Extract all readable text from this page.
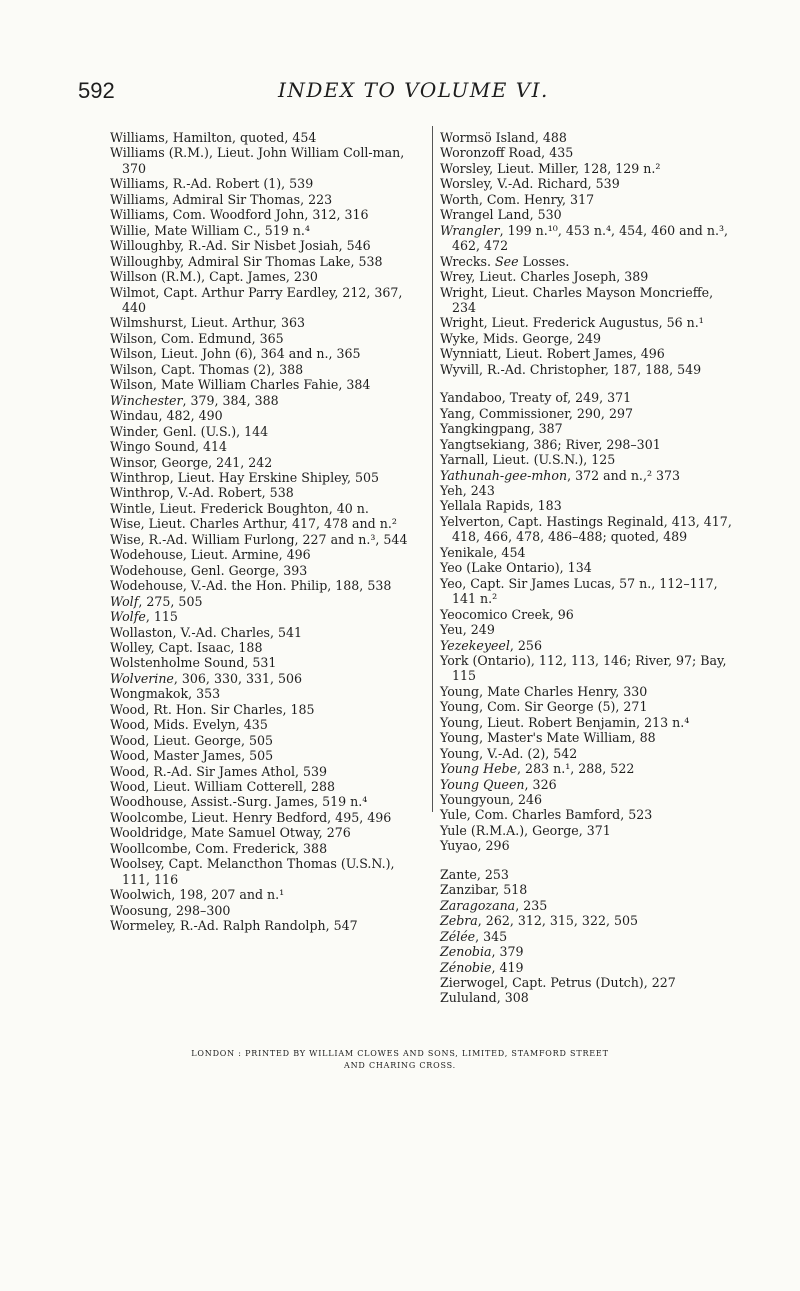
592	INDEX TO VOLUME VI.
Williams, Hamilton, quoted, 454
Williams (R.M.), Lieut. John William Coll-man, 370
Williams, R.-Ad. Robert (1), 539
Williams, Admiral Sir Thomas, 223
Williams, Com. Woodford John, 312, 316
Willie, Mate William C., 519 n.⁴
Willoughby, R.-Ad. Sir Nisbet Josiah, 546
Willoughby, Admiral Sir Thomas Lake, 538
Willson (R.M.), Capt. James, 230
Wilmot, Capt. Arthur Parry Eardley, 212, 367, 440
Wilmshurst, Lieut. Arthur, 363
Wilson, Com. Edmund, 365
Wilson, Lieut. John (6), 364 and n., 365
Wilson, Capt. Thomas (2), 388
Wilson, Mate William Charles Fahie, 384
Winchester, 379, 384, 388
Windau, 482, 490
Winder, Genl. (U.S.), 144
Wingo Sound, 414
Winsor, George, 241, 242
Winthrop, Lieut. Hay Erskine Shipley, 505
Winthrop, V.-Ad. Robert, 538
Wintle, Lieut. Frederick Boughton, 40 n.
Wise, Lieut. Charles Arthur, 417, 478 and n.²
Wise, R.-Ad. William Furlong, 227 and n.³, 544
Wodehouse, Lieut. Armine, 496
Wodehouse, Genl. George, 393
Wodehouse, V.-Ad. the Hon. Philip, 188, 538
Wolf, 275, 505
Wolfe, 115
Wollaston, V.-Ad. Charles, 541
Wolley, Capt. Isaac, 188
Wolstenholme Sound, 531
Wolverine, 306, 330, 331, 506
Wongmakok, 353
Wood, Rt. Hon. Sir Charles, 185
Wood, Mids. Evelyn, 435
Wood, Lieut. George, 505
Wood, Master James, 505
Wood, R.-Ad. Sir James Athol, 539
Wood, Lieut. William Cotterell, 288
Woodhouse, Assist.-Surg. James, 519 n.⁴
Woolcombe, Lieut. Henry Bedford, 495, 496
Wooldridge, Mate Samuel Otway, 276
Woollcombe, Com. Frederick, 388
Woolsey, Capt. Melancthon Thomas (U.S.N.), 111, 116
Woolwich, 198, 207 and n.¹
Woosung, 298–300
Wormeley, R.-Ad. Ralph Randolph, 547
Wormsö Island, 488
Woronzoff Road, 435
Worsley, Lieut. Miller, 128, 129 n.²
Worsley, V.-Ad. Richard, 539
Worth, Com. Henry, 317
Wrangel Land, 530
Wrangler, 199 n.¹⁰, 453 n.⁴, 454, 460 and n.³, 462, 472
Wrecks. See Losses.
Wrey, Lieut. Charles Joseph, 389
Wright, Lieut. Charles Mayson Moncrieffe, 234
Wright, Lieut. Frederick Augustus, 56 n.¹
Wyke, Mids. George, 249
Wynniatt, Lieut. Robert James, 496
Wyvill, R.-Ad. Christopher, 187, 188, 549
Yandaboo, Treaty of, 249, 371
Yang, Commissioner, 290, 297
Yangkingpang, 387
Yangtsekiang, 386; River, 298–301
Yarnall, Lieut. (U.S.N.), 125
Yathunah-gee-mhon, 372 and n.,² 373
Yeh, 243
Yellala Rapids, 183
Yelverton, Capt. Hastings Reginald, 413, 417, 418, 466, 478, 486–488; quoted, 489
Yenikale, 454
Yeo (Lake Ontario), 134
Yeo, Capt. Sir James Lucas, 57 n., 112–117, 141 n.²
Yeocomico Creek, 96
Yeu, 249
Yezekeyeel, 256
York (Ontario), 112, 113, 146; River, 97; Bay, 115
Young, Mate Charles Henry, 330
Young, Com. Sir George (5), 271
Young, Lieut. Robert Benjamin, 213 n.⁴
Young, Master's Mate William, 88
Young, V.-Ad. (2), 542
Young Hebe, 283 n.¹, 288, 522
Young Queen, 326
Youngyoun, 246
Yule, Com. Charles Bamford, 523
Yule (R.M.A.), George, 371
Yuyao, 296
Zante, 253
Zanzibar, 518
Zaragozana, 235
Zebra, 262, 312, 315, 322, 505
Zélée, 345
Zenobia, 379
Zénobie, 419
Zierwogel, Capt. Petrus (Dutch), 227
Zululand, 308
LONDON : PRINTED BY WILLIAM CLOWES AND SONS, LIMITED, STAMFORD STREET
AND CHARING CROSS.
